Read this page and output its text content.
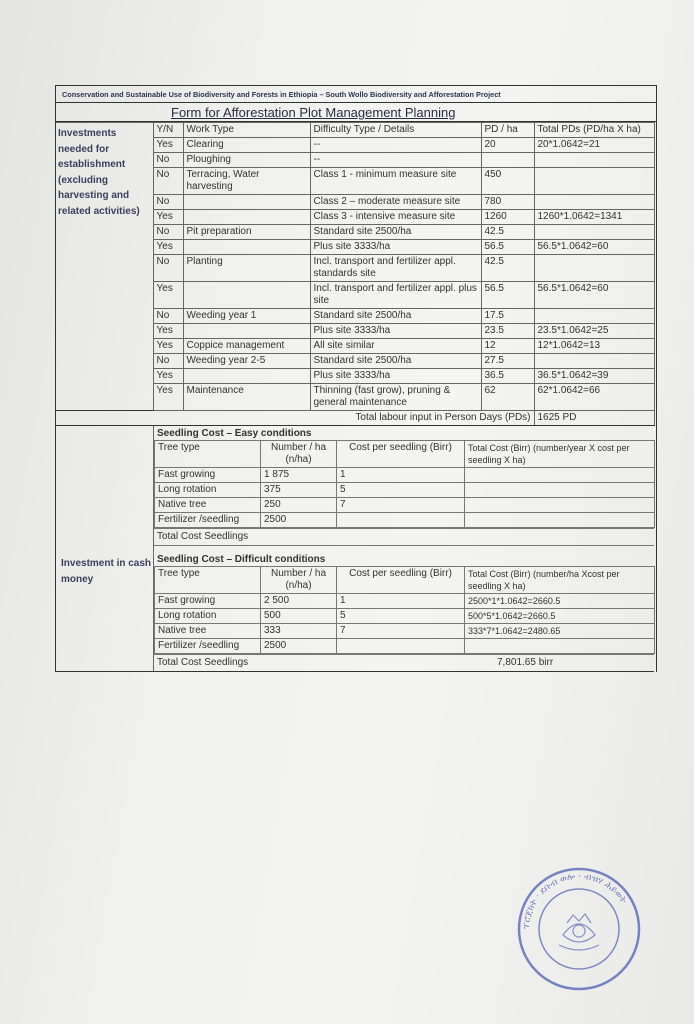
Conservation and Sustainable Use of Biodiversity and Forests in Ethiopia – South Wollo Biodiversity and Afforestation Project
Form for Afforestation Plot Management Planning
Investments needed for establishment (excluding harvesting and related activities)	Y/N	Work Type	Difficulty Type / Details	PD / ha	Total PDs (PD/ha X ha)
	Yes	Clearing	--	20	20*1.0642=21
	No	Ploughing	--		
	No	Terracing, Water harvesting	Class 1 - minimum measure site	450	
	No		Class 2 – moderate measure site	780	
	Yes		Class 3 - intensive measure site	1260	1260*1.0642=1341
	No	Pit preparation	Standard site 2500/ha	42.5	
	Yes		Plus site 3333/ha	56.5	56.5*1.0642=60
	No	Planting	Incl. transport and fertilizer appl. standards site	42.5	
	Yes		Incl. transport and fertilizer appl. plus site	56.5	56.5*1.0642=60
	No	Weeding year 1	Standard site 2500/ha	17.5	
	Yes		Plus site 3333/ha	23.5	23.5*1.0642=25
	Yes	Coppice management	All site similar	12	12*1.0642=13
	No	Weeding year 2-5	Standard site 2500/ha	27.5	
	Yes		Plus site 3333/ha	36.5	36.5*1.0642=39
	Yes	Maintenance	Thinning (fast grow), pruning & general maintenance	62	62*1.0642=66
Total labour input in Person Days (PDs)					1625 PD
Investment in cash money
Seedling Cost – Easy conditions
Tree type	Number / ha (n/ha)	Cost per seedling (Birr)	Total Cost (Birr) (number/year X cost per seedling X ha)
Fast growing	1 875	1	
Long rotation	375	5	
Native tree	250	7	
Fertilizer /seedling	2500		
Total Cost Seedlings
Seedling Cost – Difficult conditions
Tree type	Number / ha (n/ha)	Cost per seedling (Birr)	Total Cost (Birr) (number/ha Xcost per seedling X ha)
Fast growing	2 500	1	2500*1*1.0642=2660.5
Long rotation	500	5	500*5*1.0642=2660.5
Native tree	333	7	333*7*1.0642=2480.65
Fertilizer /seedling	2500		
Total Cost Seedlings	7,801.65 birr
ፕሮጀክት · ደቡብ ወሎ · ብዝሃ ሕይወት
